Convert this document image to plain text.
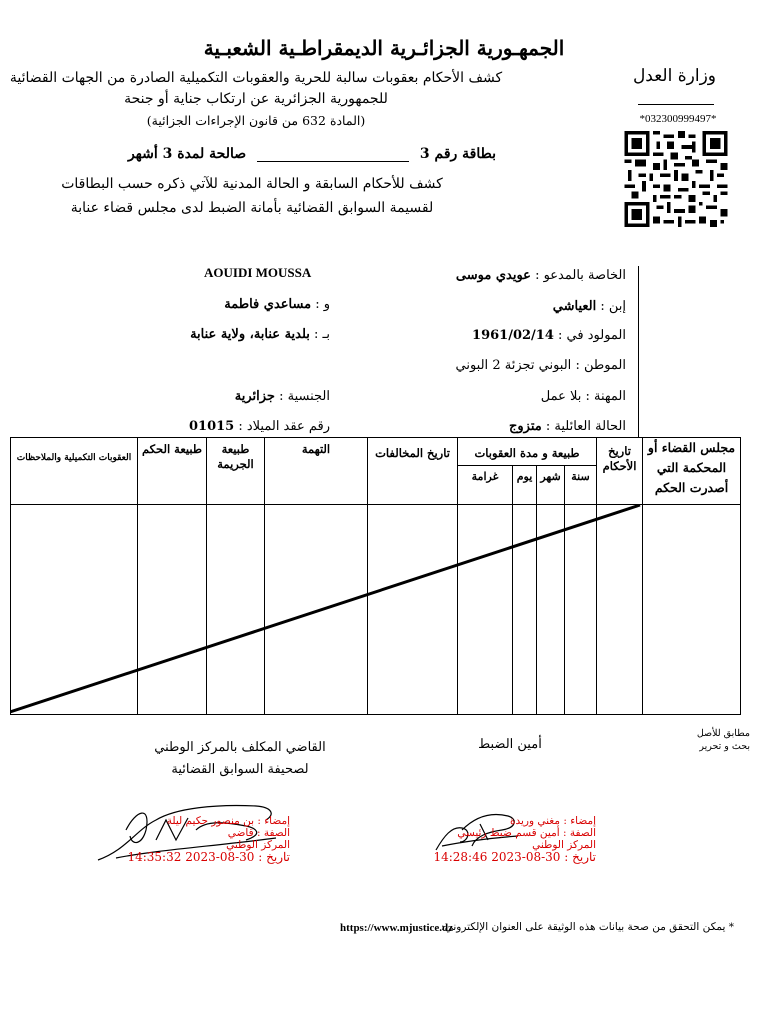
الجمهـورية الجزائـرية الديمقراطـية الشعبـية
وزارة العدل
*032300999497*
كشف الأحكام بعقوبات سالبة للحرية والعقوبات التكميلية الصادرة من الجهات القضائية
للجمهورية الجزائرية عن ارتكاب جناية أو جنحة
(المادة 632 من قانون الإجراءات الجزائية)
بطاقة رقم 3  صالحة لمدة 3 أشهر
كشف للأحكام السابقة و الحالة المدنية للآتي ذكره حسب البطاقات
لقسيمة السوابق القضائية بأمانة الضبط لدى مجلس قضاء عنابة
AOUIDI MOUSSA	الخاصة بالمدعو : عويدي موسى
إبن : العياشي
و : مساعدي فاطمة
المولود في : 1961/02/14
بـ : بلدية عنابة، ولاية عنابة
الموطن : البوني تجزئة 2 البوني
المهنة : بلا عمل
الجنسية : جزائرية
الحالة العائلية : متزوج
رقم عقد الميلاد : 01015
العقوبات التكميلية والملاحظات	طبيعة الحكم	طبيعة الجريمة	التهمة	تاريخ المخالفات	طبيعة و مدة العقوبات				تاريخ الأحكام	مجلس القضاء أو المحكمة التي أصدرت الحكم
					غرامة	يوم	شهر	سنة		

مطابق للأصل
بحث و تحرير
القاضي المكلف بالمركز الوطني
لصحيفة السوابق القضائية
أمين الضبط
إمضاء : بن منصور حكيم ليلة
الصفة : قاضي
المركز الوطني
تاريخ : 30-08-2023 14:35:32
إمضاء : مغني وريدة
الصفة : أمين قسم ضبط رئيسي
المركز الوطني
تاريخ : 30-08-2023 14:28:46
* يمكن التحقق من صحة بيانات هذه الوثيقة على العنوان الإلكتروني:
https://www.mjustice.dz
